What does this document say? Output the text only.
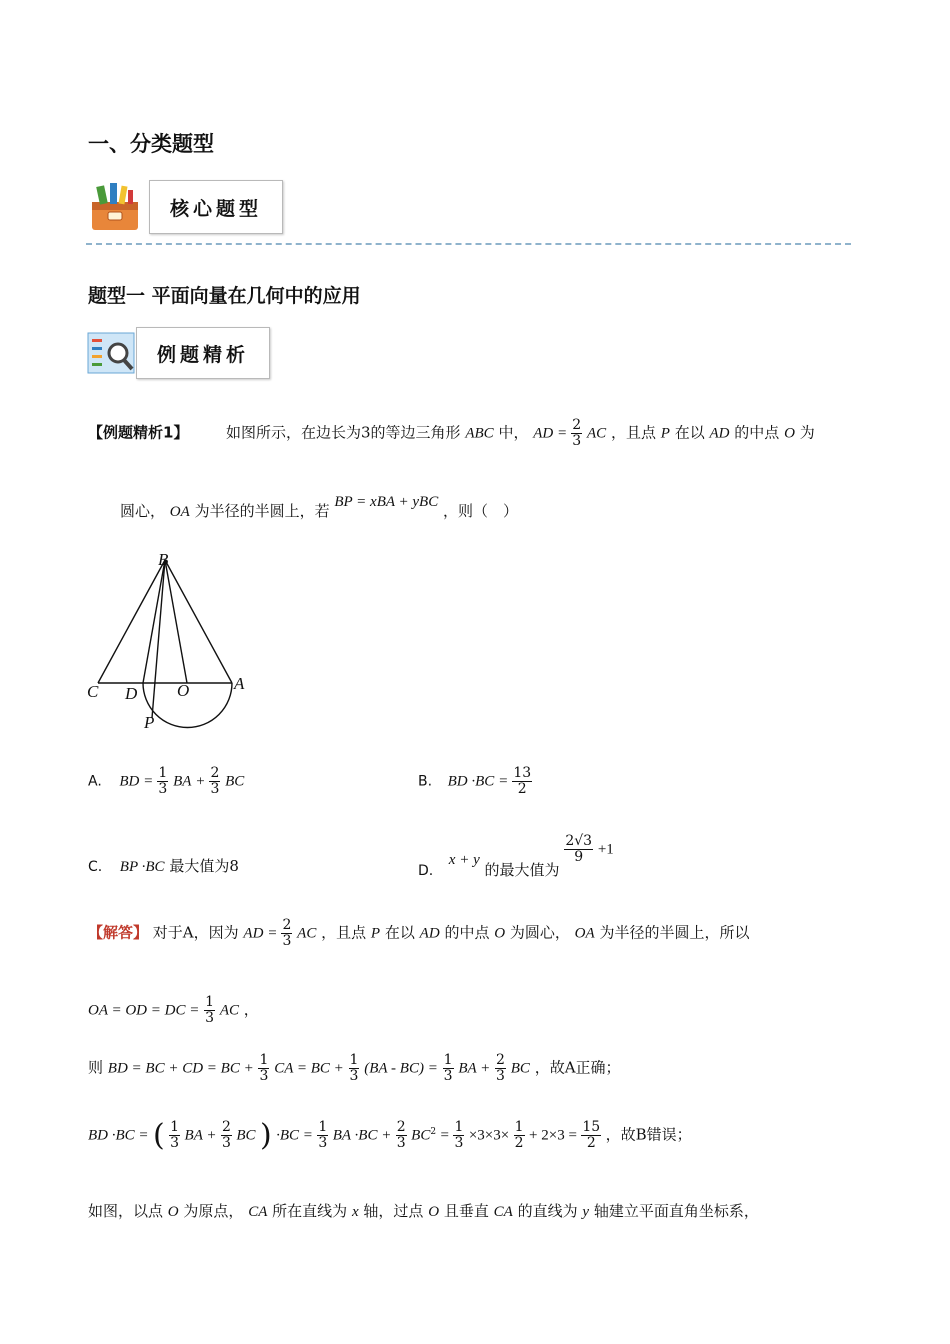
一、分类题型
核心题型
题型一 平面向量在几何中的应用
例题精析
【例题精析1】	如图所示，在边长为3的等边三角形 ABC 中， AD = $\frac{2}{3}$ AC ，且点 P 在以 AD 的中点 O 为
圆心， OA 为半径的半圆上，若 BP = xBA + yBC ，则（　）
B
C D O	A
P
A. BD = $\frac{1}{3}$ BA + $\frac{2}{3}$ BC	B. BD $\cdot BC = \frac{13}{2}$
C. BP ·BC 最大值为8	D.  x + y 的最大值为
$\frac{2√3}{9} +1$
【解答】 对于A，因为 AD = $\frac{2}{3}$ AC ，且点 P 在以 AD 的中点 O 为圆心， OA 为半径的半圆上，所以
OA = OD = DC = $\frac{1}{3}$ AC ，
则 BD = BC + CD = BC + $\frac{1}{3}$ CA = BC + $\frac{1}{3} (BA - BC) = \frac{1}{3}$ BA + $\frac{2}{3}$ BC ，故A正确；
BD ·BC = ( $\frac{1}{3}$ BA + $\frac{2}{3}$ BC ) $\cdot BC = \frac{1}{3}$ BA $\cdot BC + \frac{2}{3} BC^2 = \frac{1}{3} \times 3\times 3\times \frac{1}{2} + 2\times 3 = \frac{15}{2}$ ，故B错误；
如图，以点 O 为原点， CA 所在直线为 x 轴，过点 O 且垂直 CA 的直线为 y 轴建立平面直角坐标系，
